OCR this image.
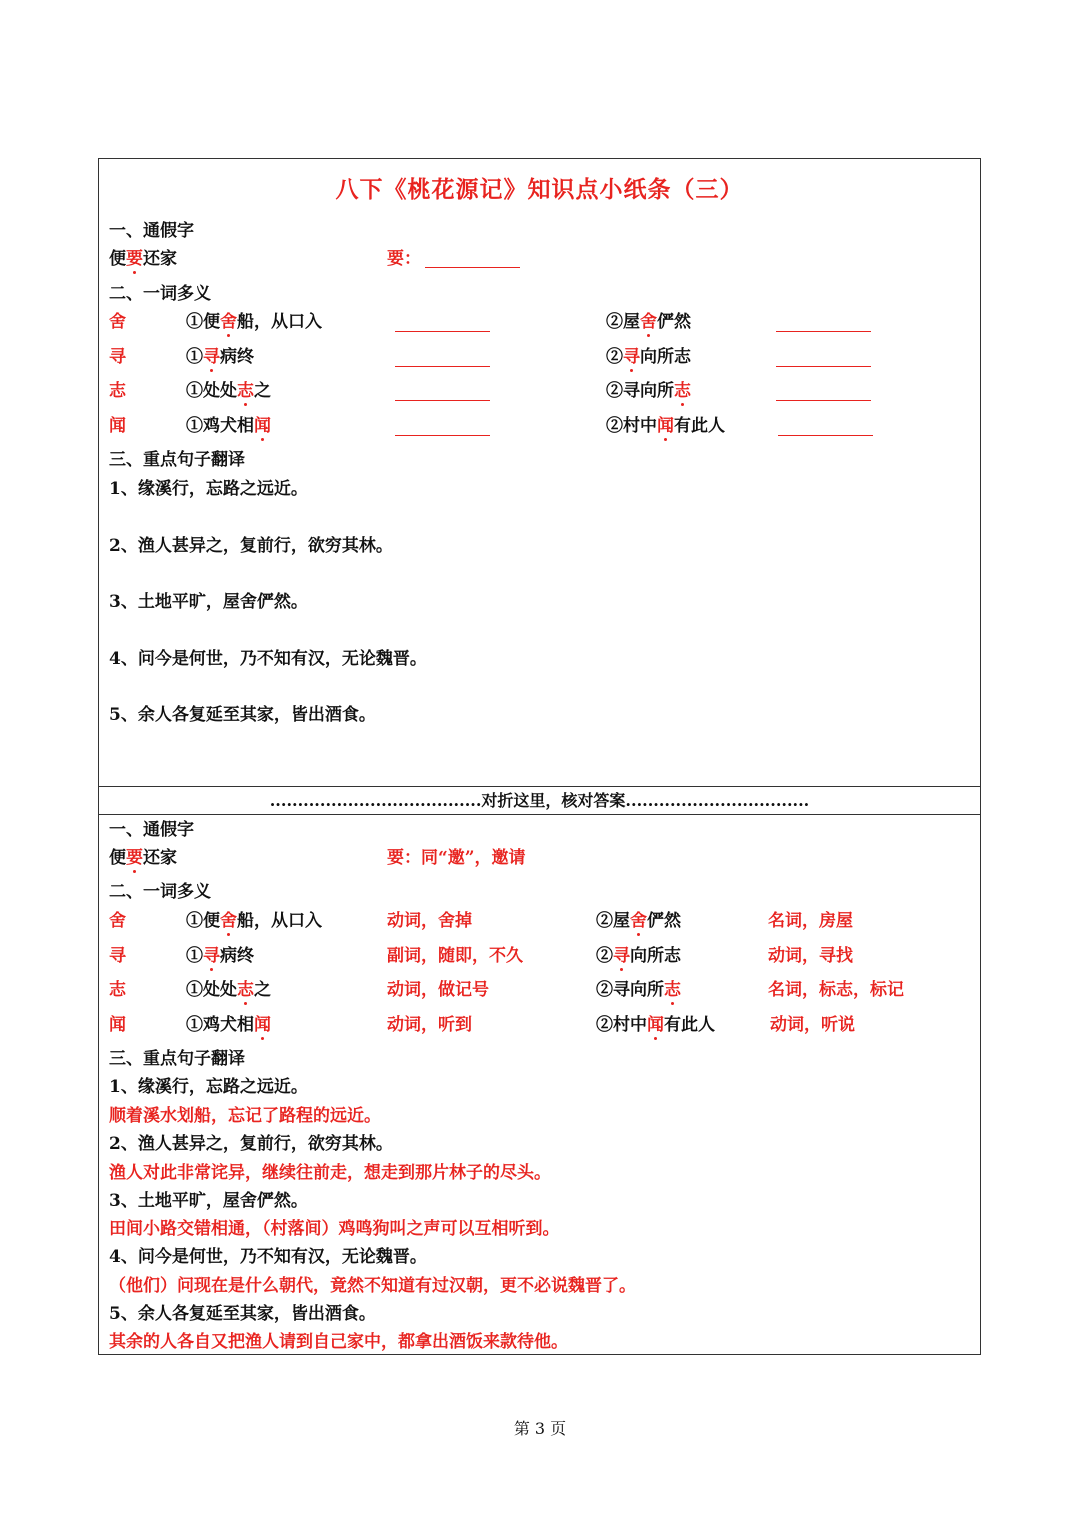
八下《桃花源记》知识点小纸条（三）
一、通假字
便要还家	要：
二、一词多义
舍	①便舍船，从口入	②屋舍俨然
寻	①寻病终	②寻向所志
志	①处处志之	②寻向所志
闻	①鸡犬相闻	②村中闻有此人
三、重点句子翻译
1、缘溪行，忘路之远近。
2、渔人甚异之，复前行，欲穷其林。
3、土地平旷，屋舍俨然。
4、问今是何世，乃不知有汉，无论魏晋。
5、余人各复延至其家，皆出酒食。
......................................对折这里，核对答案.................................
一、通假字
便要还家	要：同“邀”，邀请
二、一词多义
舍	①便舍船，从口入	动词，舍掉	②屋舍俨然	名词，房屋
寻	①寻病终	副词，随即，不久	②寻向所志	动词，寻找
志	①处处志之	动词，做记号	②寻向所志	名词，标志，标记
闻	①鸡犬相闻	动词，听到	②村中闻有此人	动词，听说
三、重点句子翻译
1、缘溪行，忘路之远近。
顺着溪水划船，忘记了路程的远近。
2、渔人甚异之，复前行，欲穷其林。
渔人对此非常诧异，继续往前走，想走到那片林子的尽头。
3、土地平旷，屋舍俨然。
田间小路交错相通，（村落间）鸡鸣狗叫之声可以互相听到。
4、问今是何世，乃不知有汉，无论魏晋。
（他们）问现在是什么朝代，竟然不知道有过汉朝，更不必说魏晋了。
5、余人各复延至其家，皆出酒食。
其余的人各自又把渔人请到自己家中，都拿出酒饭来款待他。
第 3 页
